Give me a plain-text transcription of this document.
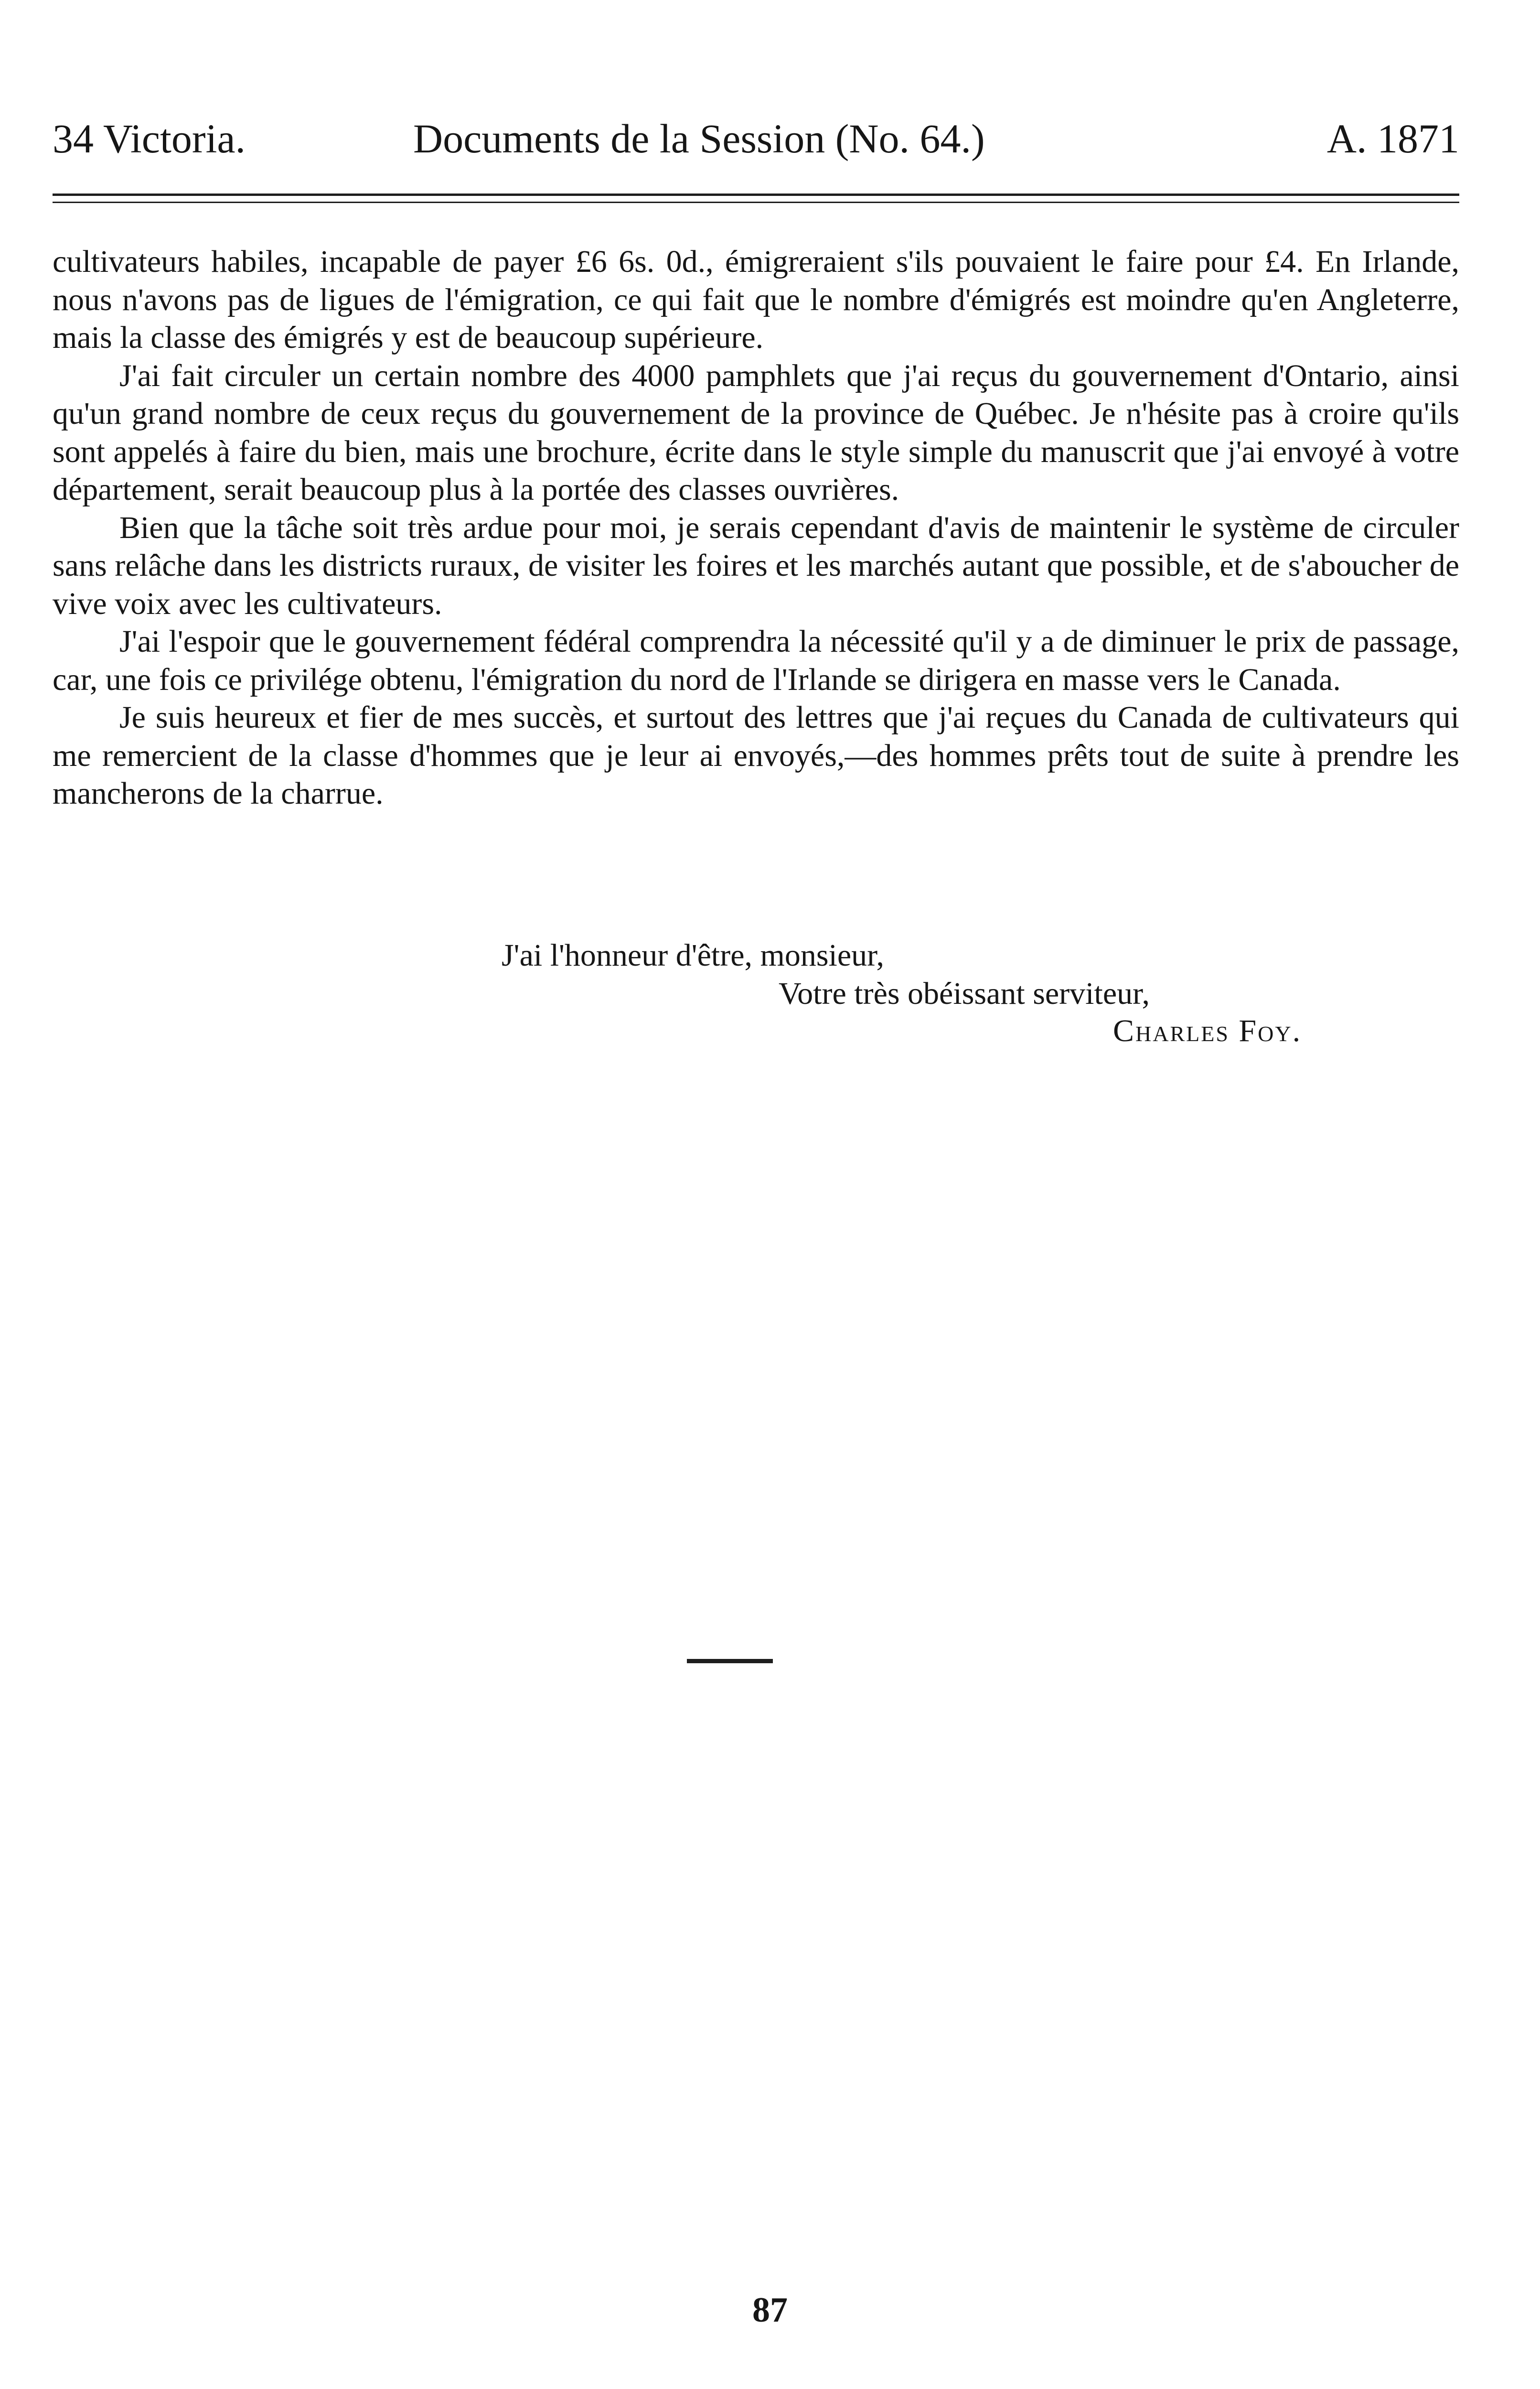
34 Victoria.	Documents de la Session (No. 64.)	A. 1871

cultivateurs habiles, incapable de payer £6 6s. 0d., émigreraient s'ils pouvaient le faire pour £4. En Irlande, nous n'avons pas de ligues de l'émigration, ce qui fait que le nombre d'émigrés est moindre qu'en Angleterre, mais la classe des émigrés y est de beaucoup supérieure.

J'ai fait circuler un certain nombre des 4000 pamphlets que j'ai reçus du gouvernement d'Ontario, ainsi qu'un grand nombre de ceux reçus du gouvernement de la province de Québec. Je n'hésite pas à croire qu'ils sont appelés à faire du bien, mais une brochure, écrite dans le style simple du manuscrit que j'ai envoyé à votre département, serait beaucoup plus à la portée des classes ouvrières.

Bien que la tâche soit très ardue pour moi, je serais cependant d'avis de maintenir le système de circuler sans relâche dans les districts ruraux, de visiter les foires et les marchés autant que possible, et de s'aboucher de vive voix avec les cultivateurs.

J'ai l'espoir que le gouvernement fédéral comprendra la nécessité qu'il y a de diminuer le prix de passage, car, une fois ce privilége obtenu, l'émigration du nord de l'Irlande se dirigera en masse vers le Canada.

Je suis heureux et fier de mes succès, et surtout des lettres que j'ai reçues du Canada de cultivateurs qui me remercient de la classe d'hommes que je leur ai envoyés,—des hommes prêts tout de suite à prendre les mancherons de la charrue.

J'ai l'honneur d'être, monsieur,
Votre très obéissant serviteur,
Charles Foy.
87
